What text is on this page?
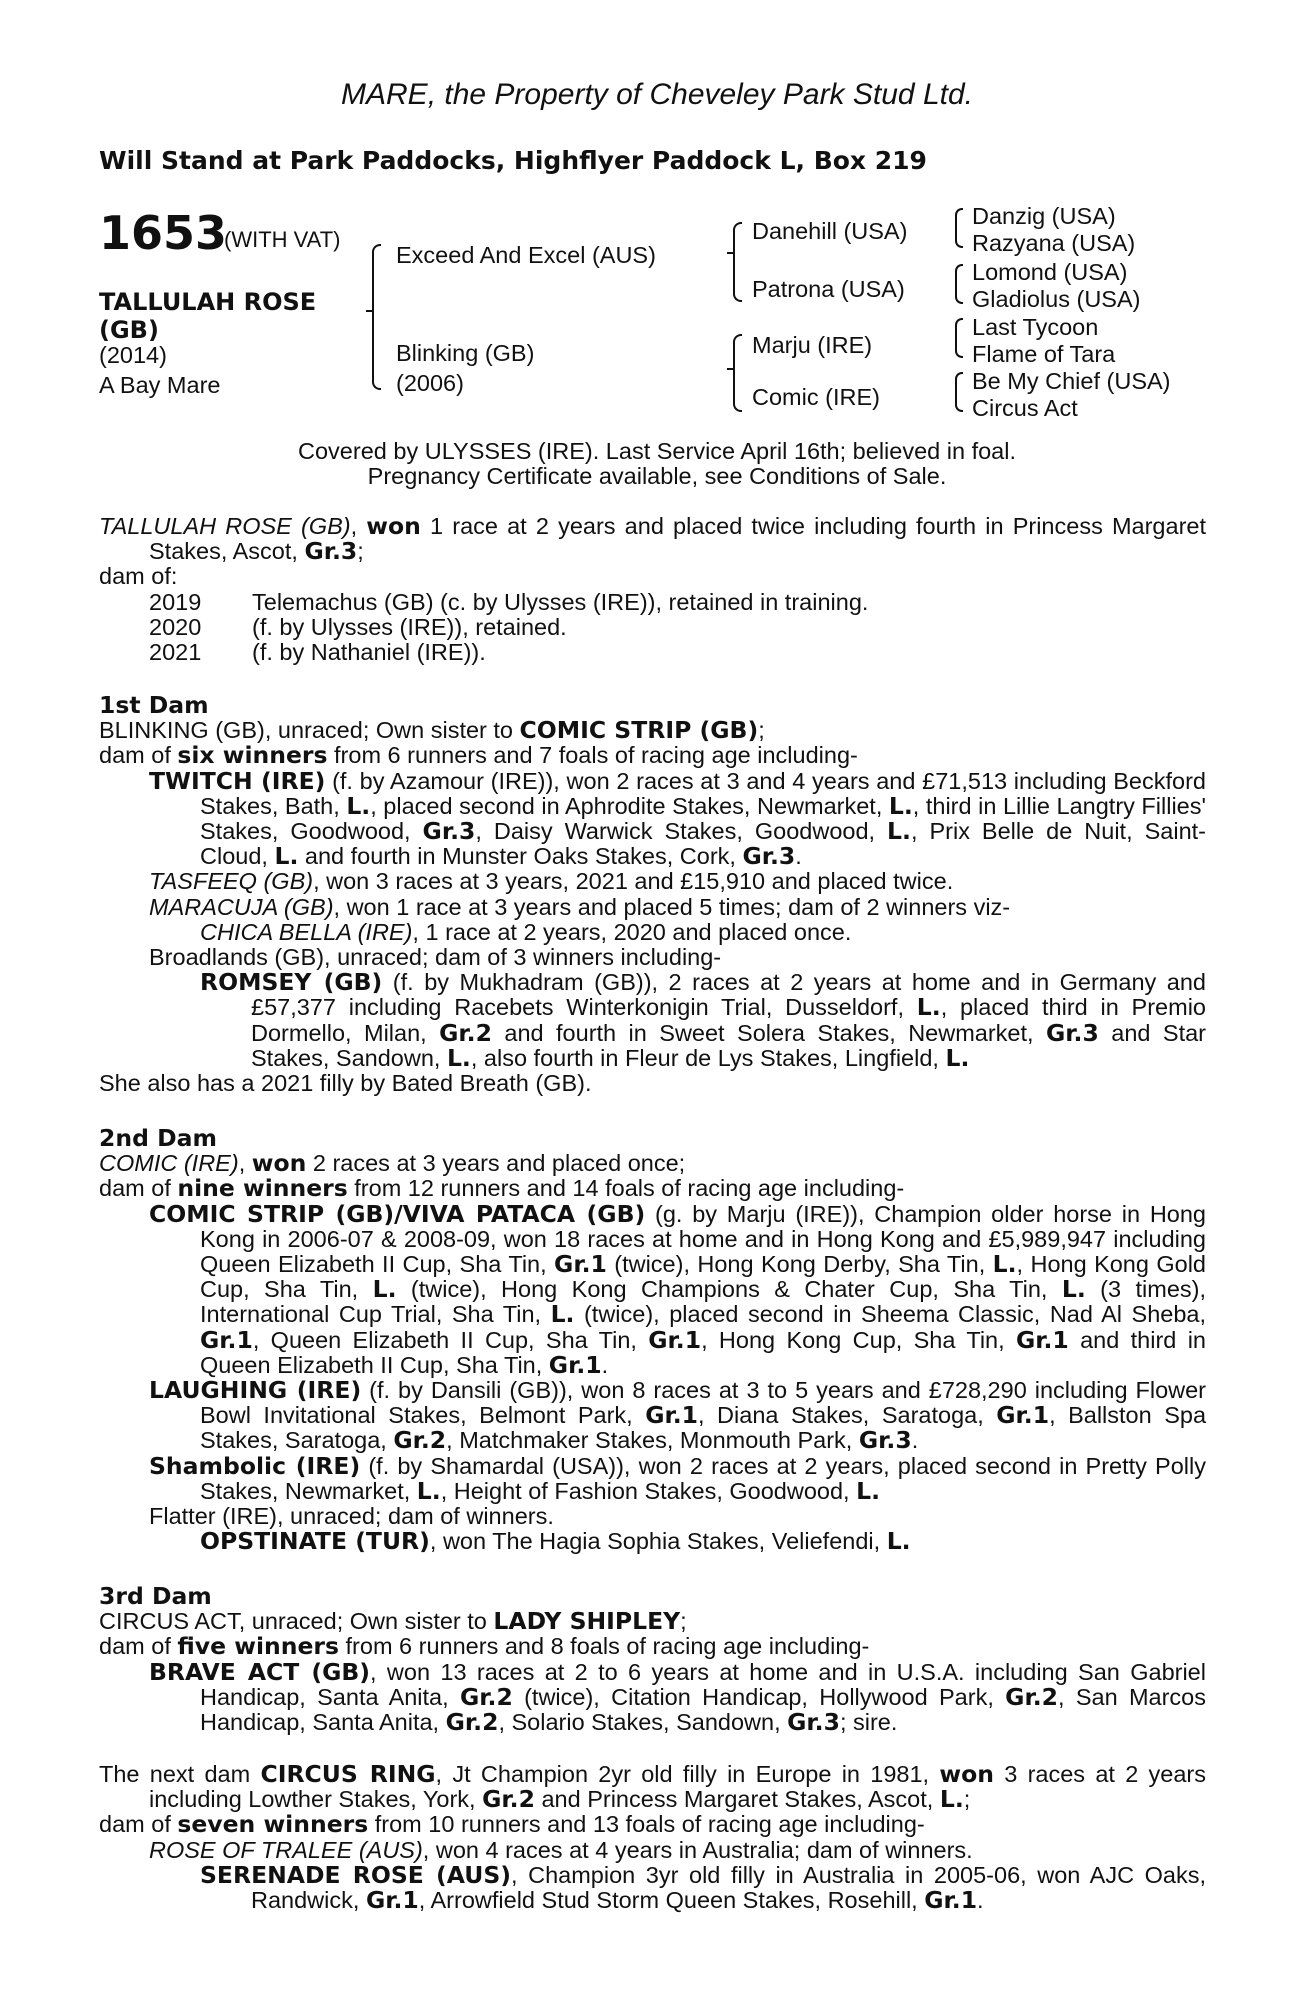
MARE, the Property of Cheveley Park Stud Ltd.
Will Stand at Park Paddocks, Highflyer Paddock L, Box 219
1653
(WITH VAT)
TALLULAH ROSE
(GB)
(2014)
A Bay Mare
Exceed And Excel (AUS)
Blinking (GB)
(2006)
Danehill (USA)
Patrona (USA)
Marju (IRE)
Comic (IRE)
Danzig (USA)
Razyana (USA)
Lomond (USA)
Gladiolus (USA)
Last Tycoon
Flame of Tara
Be My Chief (USA)
Circus Act
Covered by ULYSSES (IRE). Last Service April 16th; believed in foal.
Pregnancy Certificate available, see Conditions of Sale.

TALLULAH ROSE (GB), won 1 race at 2 years and placed twice including fourth in Princess Margaret Stakes, Ascot, Gr.3;

dam of:

2019 Telemachus (GB) (c. by Ulysses (IRE)), retained in training.
2020 (f. by Ulysses (IRE)), retained.
2021 (f. by Nathaniel (IRE)).

1st Dam

BLINKING (GB), unraced; Own sister to COMIC STRIP (GB);

dam of six winners from 6 runners and 7 foals of racing age including-

TWITCH (IRE) (f. by Azamour (IRE)), won 2 races at 3 and 4 years and £71,513 including Beckford Stakes, Bath, L., placed second in Aphrodite Stakes, Newmarket, L., third in Lillie Langtry Fillies' Stakes, Goodwood, Gr.3, Daisy Warwick Stakes, Goodwood, L., Prix Belle de Nuit, Saint-Cloud, L. and fourth in Munster Oaks Stakes, Cork, Gr.3.

TASFEEQ (GB), won 3 races at 3 years, 2021 and £15,910 and placed twice.

MARACUJA (GB), won 1 race at 3 years and placed 5 times; dam of 2 winners viz-

CHICA BELLA (IRE), 1 race at 2 years, 2020 and placed once.

Broadlands (GB), unraced; dam of 3 winners including-

ROMSEY (GB) (f. by Mukhadram (GB)), 2 races at 2 years at home and in Germany and £57,377 including Racebets Winterkonigin Trial, Dusseldorf, L., placed third in Premio Dormello, Milan, Gr.2 and fourth in Sweet Solera Stakes, Newmarket, Gr.3 and Star Stakes, Sandown, L., also fourth in Fleur de Lys Stakes, Lingfield, L.

She also has a 2021 filly by Bated Breath (GB).

2nd Dam

COMIC (IRE), won 2 races at 3 years and placed once;

dam of nine winners from 12 runners and 14 foals of racing age including-

COMIC STRIP (GB)/VIVA PATACA (GB) (g. by Marju (IRE)), Champion older horse in Hong Kong in 2006-07 & 2008-09, won 18 races at home and in Hong Kong and £5,989,947 including Queen Elizabeth II Cup, Sha Tin, Gr.1 (twice), Hong Kong Derby, Sha Tin, L., Hong Kong Gold Cup, Sha Tin, L. (twice), Hong Kong Champions & Chater Cup, Sha Tin, L. (3 times), International Cup Trial, Sha Tin, L. (twice), placed second in Sheema Classic, Nad Al Sheba, Gr.1, Queen Elizabeth II Cup, Sha Tin, Gr.1, Hong Kong Cup, Sha Tin, Gr.1 and third in Queen Elizabeth II Cup, Sha Tin, Gr.1.

LAUGHING (IRE) (f. by Dansili (GB)), won 8 races at 3 to 5 years and £728,290 including Flower Bowl Invitational Stakes, Belmont Park, Gr.1, Diana Stakes, Saratoga, Gr.1, Ballston Spa Stakes, Saratoga, Gr.2, Matchmaker Stakes, Monmouth Park, Gr.3.

Shambolic (IRE) (f. by Shamardal (USA)), won 2 races at 2 years, placed second in Pretty Polly Stakes, Newmarket, L., Height of Fashion Stakes, Goodwood, L.

Flatter (IRE), unraced; dam of winners.

OPSTINATE (TUR), won The Hagia Sophia Stakes, Veliefendi, L.

3rd Dam

CIRCUS ACT, unraced; Own sister to LADY SHIPLEY;

dam of five winners from 6 runners and 8 foals of racing age including-

BRAVE ACT (GB), won 13 races at 2 to 6 years at home and in U.S.A. including San Gabriel Handicap, Santa Anita, Gr.2 (twice), Citation Handicap, Hollywood Park, Gr.2, San Marcos Handicap, Santa Anita, Gr.2, Solario Stakes, Sandown, Gr.3; sire.

The next dam CIRCUS RING, Jt Champion 2yr old filly in Europe in 1981, won 3 races at 2 years including Lowther Stakes, York, Gr.2 and Princess Margaret Stakes, Ascot, L.;

dam of seven winners from 10 runners and 13 foals of racing age including-

ROSE OF TRALEE (AUS), won 4 races at 4 years in Australia; dam of winners.

SERENADE ROSE (AUS), Champion 3yr old filly in Australia in 2005-06, won AJC Oaks, Randwick, Gr.1, Arrowfield Stud Storm Queen Stakes, Rosehill, Gr.1.
